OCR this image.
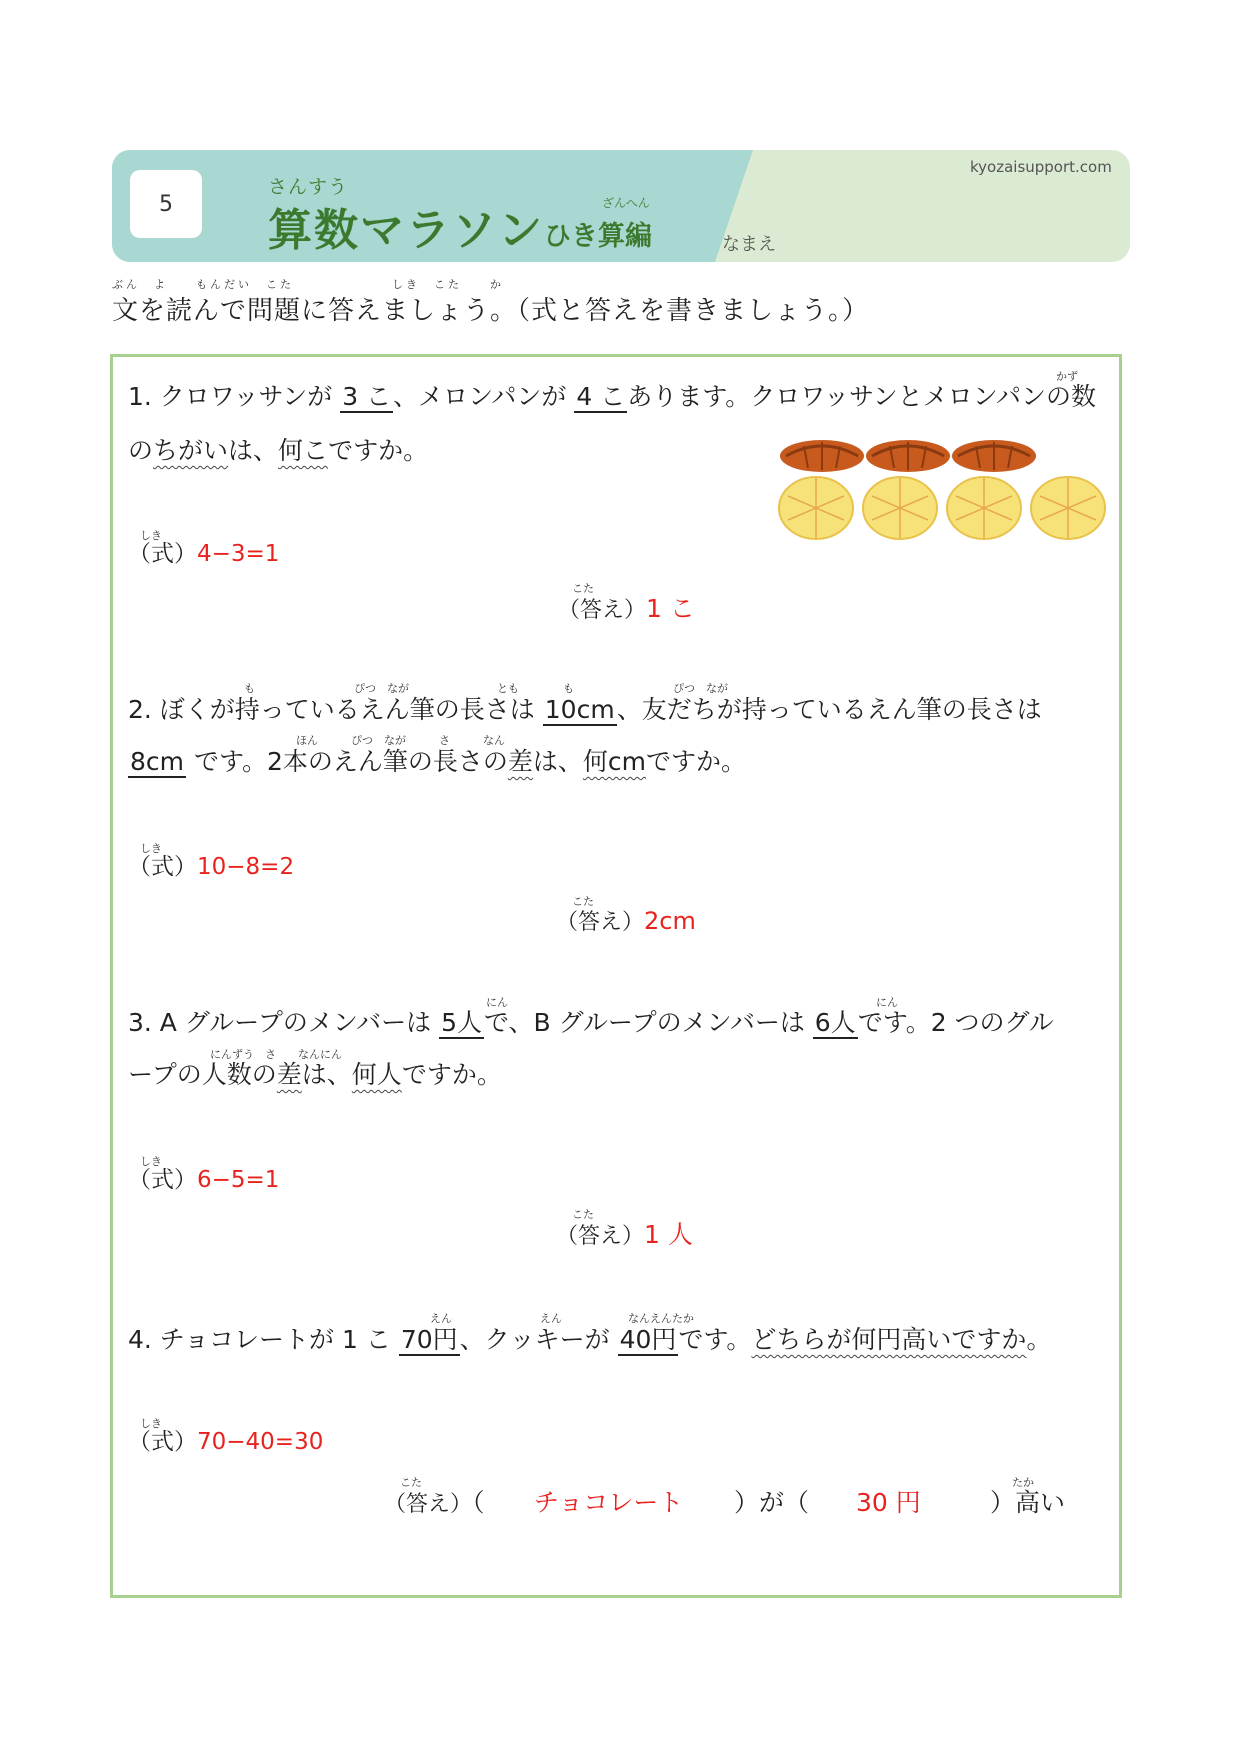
5
さんすう
算数マラソン
ざんへん
ひき算編
kyozaisupport.com
なまえ
ぶん　よ　　もんだい　こた　　　　　　　しき　こた　　か
文を読んで問題に答えましょう。（式と答えを書きましょう。）
かず
1. クロワッサンが 3 こ、メロンパンが 4 こあります。クロワッサンとメロンパンの数
のちがいは、何こですか。
しき
（式）4−3=1
こた
（答え）1 こ
も　　　　　　　　　ぴつ　なが　　　　　　　　とも　　　　も　　　　　　　　　ぴつ　なが
2. ぼくが持っているえん筆の長さは 10cm、友だちが持っているえん筆の長さは
ほん　　　ぴつ　なが　　　さ　　　なん
8cm です。2本のえん筆の長さの差は、何cmですか。
しき
（式）10−8=2
こた
（答え）2cm
にん	にん
3. A グループのメンバーは 5人で、B グループのメンバーは 6人です。2 つのグル
にんずう　さ　　なんにん
ープの人数の差は、何人ですか。
しき
（式）6−5=1
こた
（答え）1 人
えん　　　　　　　　えん　　　　　　なんえんたか
4. チョコレートが 1 こ 70円、クッキーが 40円です。どちらが何円高いですか。
しき
（式）70−40=30
こた	たか
（答え）（ チョコレート ）が（ 30 円	）高い
